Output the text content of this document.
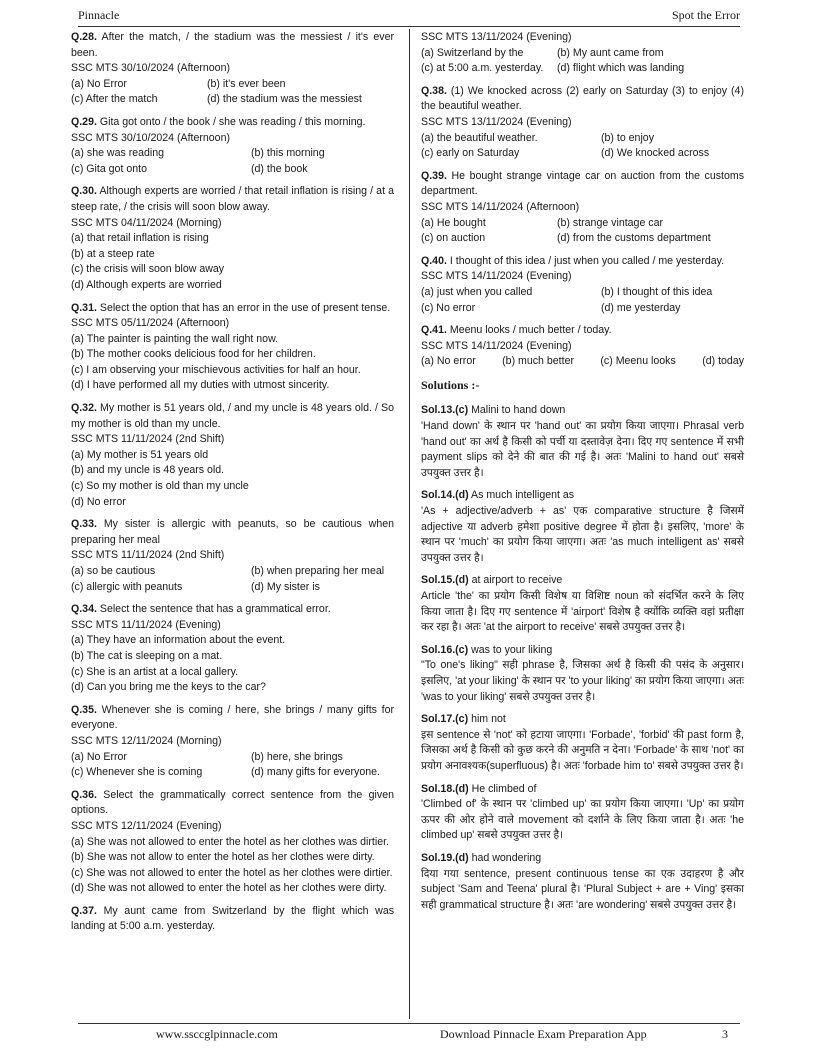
Pinnacle	Spot the Error
Q.28. After the match, / the stadium was the messiest / it's ever been.
SSC MTS 30/10/2024 (Afternoon)
(a) No Error	(b) it's ever been
(c) After the match	(d) the stadium was the messiest
Q.29. Gita got onto / the book / she was reading / this morning.
SSC MTS 30/10/2024 (Afternoon)
(a) she was reading	(b) this morning
(c) Gita got onto	(d) the book
Q.30. Although experts are worried / that retail inflation is rising / at a steep rate, / the crisis will soon blow away.
SSC MTS 04/11/2024 (Morning)
(a) that retail inflation is rising
(b) at a steep rate
(c) the crisis will soon blow away
(d) Although experts are worried
Q.31. Select the option that has an error in the use of present tense.
SSC MTS 05/11/2024 (Afternoon)
(a) The painter is painting the wall right now.
(b) The mother cooks delicious food for her children.
(c) I am observing your mischievous activities for half an hour.
(d) I have performed all my duties with utmost sincerity.
Q.32. My mother is 51 years old, / and my uncle is 48 years old. / So my mother is old than my uncle.
SSC MTS 11/11/2024 (2nd Shift)
(a) My mother is 51 years old
(b) and my uncle is 48 years old.
(c) So my mother is old than my uncle
(d) No error
Q.33. My sister is allergic with peanuts, so be cautious when preparing her meal
SSC MTS 11/11/2024 (2nd Shift)
(a) so be cautious	(b) when preparing her meal
(c) allergic with peanuts	(d) My sister is
Q.34. Select the sentence that has a grammatical error.
SSC MTS 11/11/2024 (Evening)
(a) They have an information about the event.
(b) The cat is sleeping on a mat.
(c) She is an artist at a local gallery.
(d) Can you bring me the keys to the car?
Q.35. Whenever she is coming / here, she brings / many gifts for everyone.
SSC MTS 12/11/2024 (Morning)
(a) No Error	(b) here, she brings
(c) Whenever she is coming	(d) many gifts for everyone.
Q.36. Select the grammatically correct sentence from the given options.
SSC MTS 12/11/2024 (Evening)
(a) She was not allowed to enter the hotel as her clothes was dirtier.
(b) She was not allow to enter the hotel as her clothes were dirty.
(c) She was not allowed to enter the hotel as her clothes were dirtier.
(d) She was not allowed to enter the hotel as her clothes were dirty.
Q.37. My aunt came from Switzerland by the flight which was landing at 5:00 a.m. yesterday.
SSC MTS 13/11/2024 (Evening)
(a) Switzerland by the	(b) My aunt came from
(c) at 5:00 a.m. yesterday.	(d) flight which was landing
Q.38. (1) We knocked across (2) early on Saturday (3) to enjoy (4) the beautiful weather.
SSC MTS 13/11/2024 (Evening)
(a) the beautiful weather.	(b) to enjoy
(c) early on Saturday	(d) We knocked across
Q.39. He bought strange vintage car on auction from the customs department.
SSC MTS 14/11/2024 (Afternoon)
(a) He bought	(b) strange vintage car
(c) on auction	(d) from the customs department
Q.40. I thought of this idea / just when you called / me yesterday.
SSC MTS 14/11/2024 (Evening)
(a) just when you called	(b) I thought of this idea
(c) No error	(d) me yesterday
Q.41. Meenu looks / much better / today.
SSC MTS 14/11/2024 (Evening)
(a) No error (b) much better (c) Meenu looks (d) today
Solutions :-
Sol.13.(c) Malini to hand down
'Hand down' के स्थान पर 'hand out' का प्रयोग किया जाएगा। Phrasal verb 'hand out' का अर्थ है किसी को पर्ची या दस्तावेज़ देना। दिए गए sentence में सभी payment slips को देने की बात की गई है। अतः 'Malini to hand out' सबसे उपयुक्त उत्तर है।
Sol.14.(d) As much intelligent as
'As + adjective/adverb + as' एक comparative structure है जिसमें adjective या adverb हमेशा positive degree में होता है। इसलिए, 'more' के स्थान पर 'much' का प्रयोग किया जाएगा। अतः 'as much intelligent as' सबसे उपयुक्त उत्तर है।
Sol.15.(d) at airport to receive
Article 'the' का प्रयोग किसी विशेष या विशिष्ट noun को संदर्भित करने के लिए किया जाता है। दिए गए sentence में 'airport' विशेष है क्योंकि व्यक्ति वहां प्रतीक्षा कर रहा है। अतः 'at the airport to receive' सबसे उपयुक्त उत्तर है।
Sol.16.(c) was to your liking
"To one's liking" सही phrase है, जिसका अर्थ है किसी की पसंद के अनुसार। इसलिए, 'at your liking' के स्थान पर 'to your liking' का प्रयोग किया जाएगा। अतः 'was to your liking' सबसे उपयुक्त उत्तर है।
Sol.17.(c) him not
इस sentence से 'not' को हटाया जाएगा। 'Forbade', 'forbid' की past form है, जिसका अर्थ है किसी को कुछ करने की अनुमति न देना। 'Forbade' के साथ 'not' का प्रयोग अनावश्यक(superfluous) है। अतः 'forbade him to' सबसे उपयुक्त उत्तर है।
Sol.18.(d) He climbed of
'Climbed of' के स्थान पर 'climbed up' का प्रयोग किया जाएगा। 'Up' का प्रयोग ऊपर की ओर होने वाले movement को दर्शाने के लिए किया जाता है। अतः 'he climbed up' सबसे उपयुक्त उत्तर है।
Sol.19.(d) had wondering
दिया गया sentence, present continuous tense का एक उदाहरण है और subject 'Sam and Teena' plural है। 'Plural Subject + are + Ving' इसका सही grammatical structure है। अतः 'are wondering' सबसे उपयुक्त उत्तर है।
www.ssccglpinnacle.com	Download Pinnacle Exam Preparation App	3
